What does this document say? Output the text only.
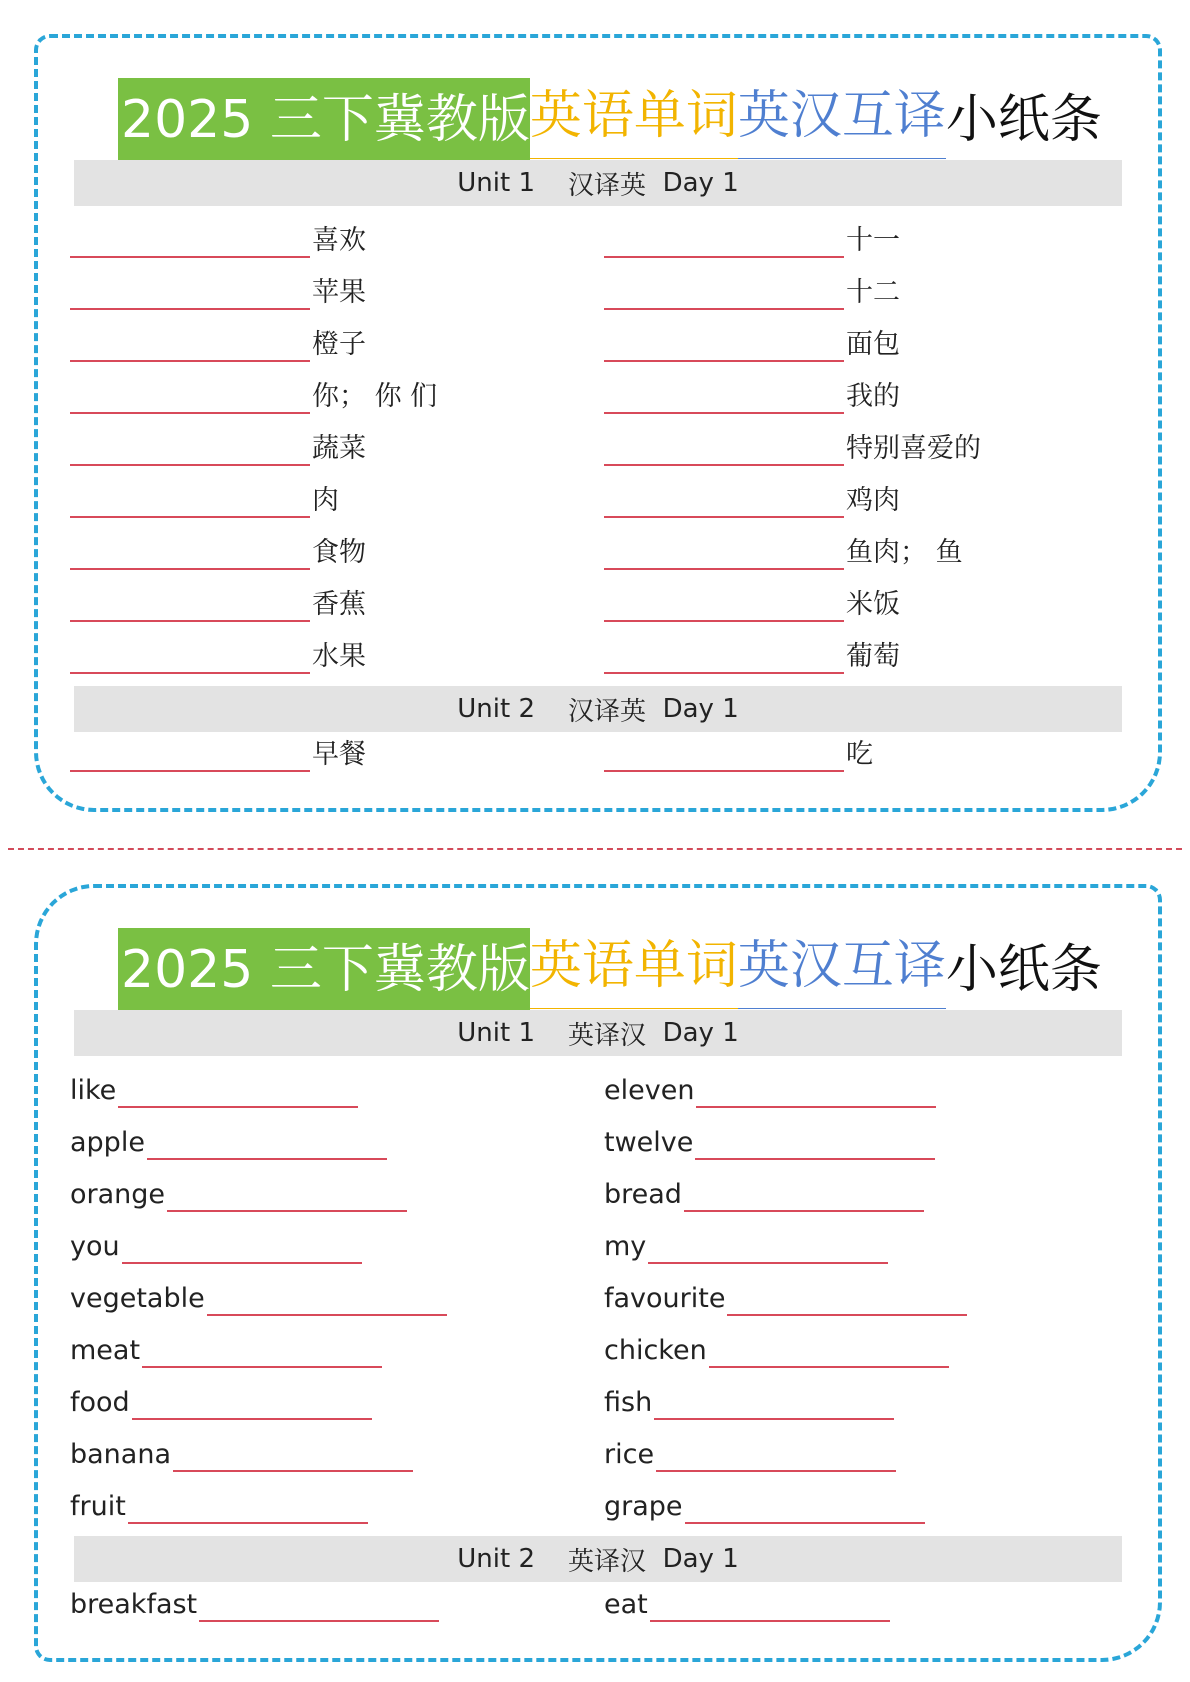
2025 三下冀教版 英语单词 英汉互译 小纸条
Unit 1
汉译英
Day 1
喜欢
苹果
橙子
你； 你 们
蔬菜
肉
食物
香蕉
水果
十一
十二
面包
我的
特别喜爱的
鸡肉
鱼肉； 鱼
米饭
葡萄
Unit 2
汉译英
Day 1
早餐	吃
2025 三下冀教版 英语单词 英汉互译 小纸条
Unit 1
英译汉
Day 1
like
apple
orange
you
vegetable
meat
food
banana
fruit
eleven
twelve
bread
my
favourite
chicken
fish
rice
grape
Unit 2
英译汉
Day 1
breakfast	eat
